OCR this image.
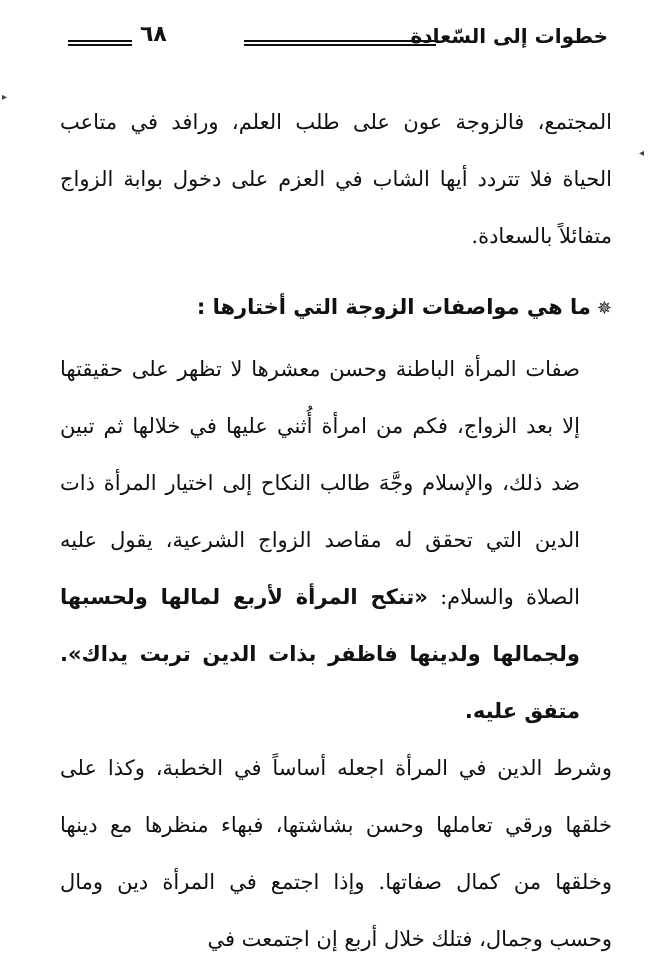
خطوات إلى السّعادة
٦٨
▸
◂

المجتمع، فالزوجة عون على طلب العلم، ورافد في متاعب الحياة فلا تتردد أيها الشاب في العزم على دخول بوابة الزواج متفائلاً بالسعادة.

✵ما هي مواصفات الزوجة التي أختارها :

صفات المرأة الباطنة وحسن معشرها لا تظهر على حقيقتها إلا بعد الزواج، فكم من امرأة أُثني عليها في خلالها ثم تبين ضد ذلك، والإسلام وجَّهَ طالب النكاح إلى اختيار المرأة ذات الدين التي تحقق له مقاصد الزواج الشرعية، يقول عليه الصلاة والسلام: «تنكح المرأة لأربع لمالها ولحسبها ولجمالها ولدينها فاظفر بذات الدين تربت يداك». متفق عليه.

وشرط الدين في المرأة اجعله أساساً في الخطبة، وكذا على خلقها ورقي تعاملها وحسن بشاشتها، فبهاء منظرها مع دينها وخلقها من كمال صفاتها. وإذا اجتمع في المرأة دين ومال وحسب وجمال، فتلك خلال أربع إن اجتمعت في
